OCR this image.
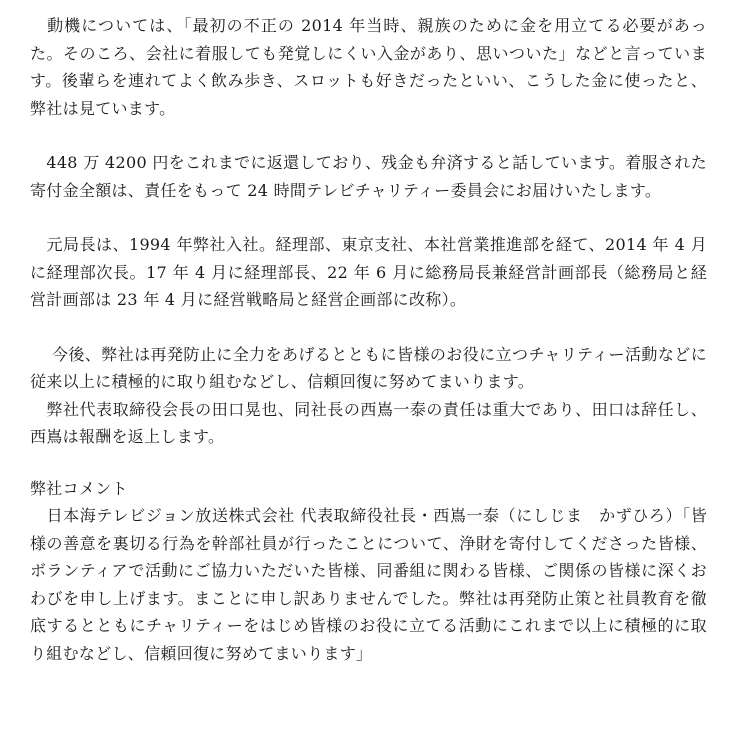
　動機については、「最初の不正の 2014 年当時、親族のために金を用立てる必要があった。そのころ、会社に着服しても発覚しにくい入金があり、思いついた」などと言っています。後輩らを連れてよく飲み歩き、スロットも好きだったといい、こうした金に使ったと、弊社は見ています。

　448 万 4200 円をこれまでに返還しており、残金も弁済すると話しています。着服された寄付金全額は、責任をもって 24 時間テレビチャリティー委員会にお届けいたします。

　元局長は、1994 年弊社入社。経理部、東京支社、本社営業推進部を経て、2014 年 4 月に経理部次長。17 年 4 月に経理部長、22 年 6 月に総務局長兼経営計画部長（総務局と経営計画部は 23 年 4 月に経営戦略局と経営企画部に改称）。

　 今後、弊社は再発防止に全力をあげるとともに皆様のお役に立つチャリティー活動などに従来以上に積極的に取り組むなどし、信頼回復に努めてまいります。

　弊社代表取締役会長の田口晃也、同社長の西嶌一泰の責任は重大であり、田口は辞任し、西嶌は報酬を返上します。

弊社コメント

　日本海テレビジョン放送株式会社 代表取締役社長・西嶌一泰（にしじま　かずひろ）「皆様の善意を裏切る行為を幹部社員が行ったことについて、浄財を寄付してくださった皆様、ボランティアで活動にご協力いただいた皆様、同番組に関わる皆様、ご関係の皆様に深くおわびを申し上げます。まことに申し訳ありませんでした。弊社は再発防止策と社員教育を徹底するとともにチャリティーをはじめ皆様のお役に立てる活動にこれまで以上に積極的に取り組むなどし、信頼回復に努めてまいります」
